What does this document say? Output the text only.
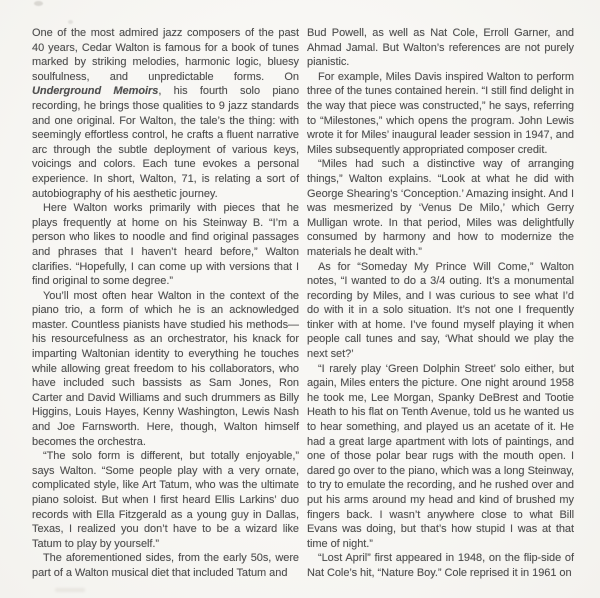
One of the most admired jazz composers of the past 40 years, Cedar Walton is famous for a book of tunes marked by striking melodies, harmonic logic, bluesy soulfulness, and unpredictable forms. On Underground Memoirs, his fourth solo piano recording, he brings those qualities to 9 jazz standards and one original. For Walton, the tale’s the thing: with seemingly effortless control, he crafts a fluent narrative arc through the subtle deployment of various keys, voicings and colors. Each tune evokes a personal experience. In short, Walton, 71, is relating a sort of autobiography of his aesthetic journey.

Here Walton works primarily with pieces that he plays frequently at home on his Steinway B. “I’m a person who likes to noodle and find original passages and phrases that I haven’t heard before,” Walton clarifies. “Hopefully, I can come up with versions that I find original to some degree.”

You’ll most often hear Walton in the context of the piano trio, a form of which he is an acknowledged master. Countless pianists have studied his methods—his resourcefulness as an orchestrator, his knack for imparting Waltonian identity to everything he touches while allowing great freedom to his collaborators, who have included such bassists as Sam Jones, Ron Carter and David Williams and such drummers as Billy Higgins, Louis Hayes, Kenny Washington, Lewis Nash and Joe Farnsworth. Here, though, Walton himself becomes the orchestra.

“The solo form is different, but totally enjoyable,” says Walton. “Some people play with a very ornate, complicated style, like Art Tatum, who was the ultimate piano soloist. But when I first heard Ellis Larkins’ duo records with Ella Fitzgerald as a young guy in Dallas, Texas, I realized you don’t have to be a wizard like Tatum to play by yourself.”

The aforementioned sides, from the early 50s, were part of a Walton musical diet that included Tatum and

Bud Powell, as well as Nat Cole, Erroll Garner, and Ahmad Jamal. But Walton’s references are not purely pianistic.

For example, Miles Davis inspired Walton to perform three of the tunes contained herein. “I still find delight in the way that piece was constructed,” he says, referring to “Milestones,” which opens the program. John Lewis wrote it for Miles’ inaugural leader session in 1947, and Miles subsequently appropriated composer credit.

“Miles had such a distinctive way of arranging things,” Walton explains. “Look at what he did with George Shearing’s ‘Conception.’ Amazing insight. And I was mesmerized by ‘Venus De Milo,’ which Gerry Mulligan wrote. In that period, Miles was delightfully consumed by harmony and how to modernize the materials he dealt with.”

As for “Someday My Prince Will Come,” Walton notes, “I wanted to do a 3/4 outing. It’s a monumental recording by Miles, and I was curious to see what I’d do with it in a solo situation. It’s not one I frequently tinker with at home. I’ve found myself playing it when people call tunes and say, ‘What should we play the next set?’

“I rarely play ‘Green Dolphin Street’ solo either, but again, Miles enters the picture. One night around 1958 he took me, Lee Morgan, Spanky DeBrest and Tootie Heath to his flat on Tenth Avenue, told us he wanted us to hear something, and played us an acetate of it. He had a great large apartment with lots of paintings, and one of those polar bear rugs with the mouth open. I dared go over to the piano, which was a long Steinway, to try to emulate the recording, and he rushed over and put his arms around my head and kind of brushed my fingers back. I wasn’t anywhere close to what Bill Evans was doing, but that’s how stupid I was at that time of night.”

“Lost April” first appeared in 1948, on the flip-side of Nat Cole’s hit, “Nature Boy.” Cole reprised it in 1961 on
